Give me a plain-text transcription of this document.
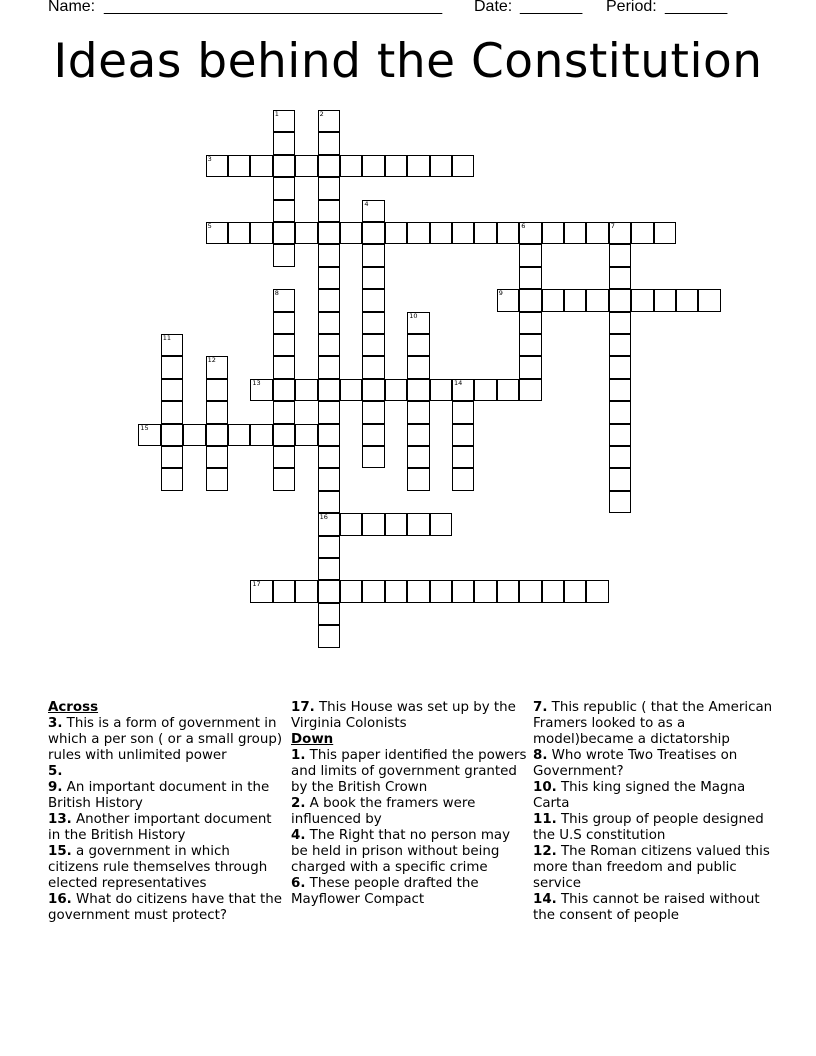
Name: ______________________________________ Date: _______ Period: _______
Ideas behind the Constitution
1	2
16
3
4
5	6	7
8	9
10
11
12
13	14
15
17
Across
3. This is a form of government in which a per son ( or a small group) rules with unlimited power
5.
9. An important document in the British History
13. Another important document in the British History
15. a government in which citizens rule themselves through elected representatives
16. What do citizens have that the government must protect?
17. This House was set up by the Virginia Colonists
Down
1. This paper identified the powers and limits of government granted by the British Crown
2. A book the framers were influenced by
4. The Right that no person may be held in prison without being charged with a specific crime
6. These people drafted the Mayflower Compact
7. This republic ( that the American Framers looked to as a model)became a dictatorship
8. Who wrote Two Treatises on Government?
10. This king signed the Magna Carta
11. This group of people designed the U.S constitution
12. The Roman citizens valued this more than freedom and public service
14. This cannot be raised without the consent of people
